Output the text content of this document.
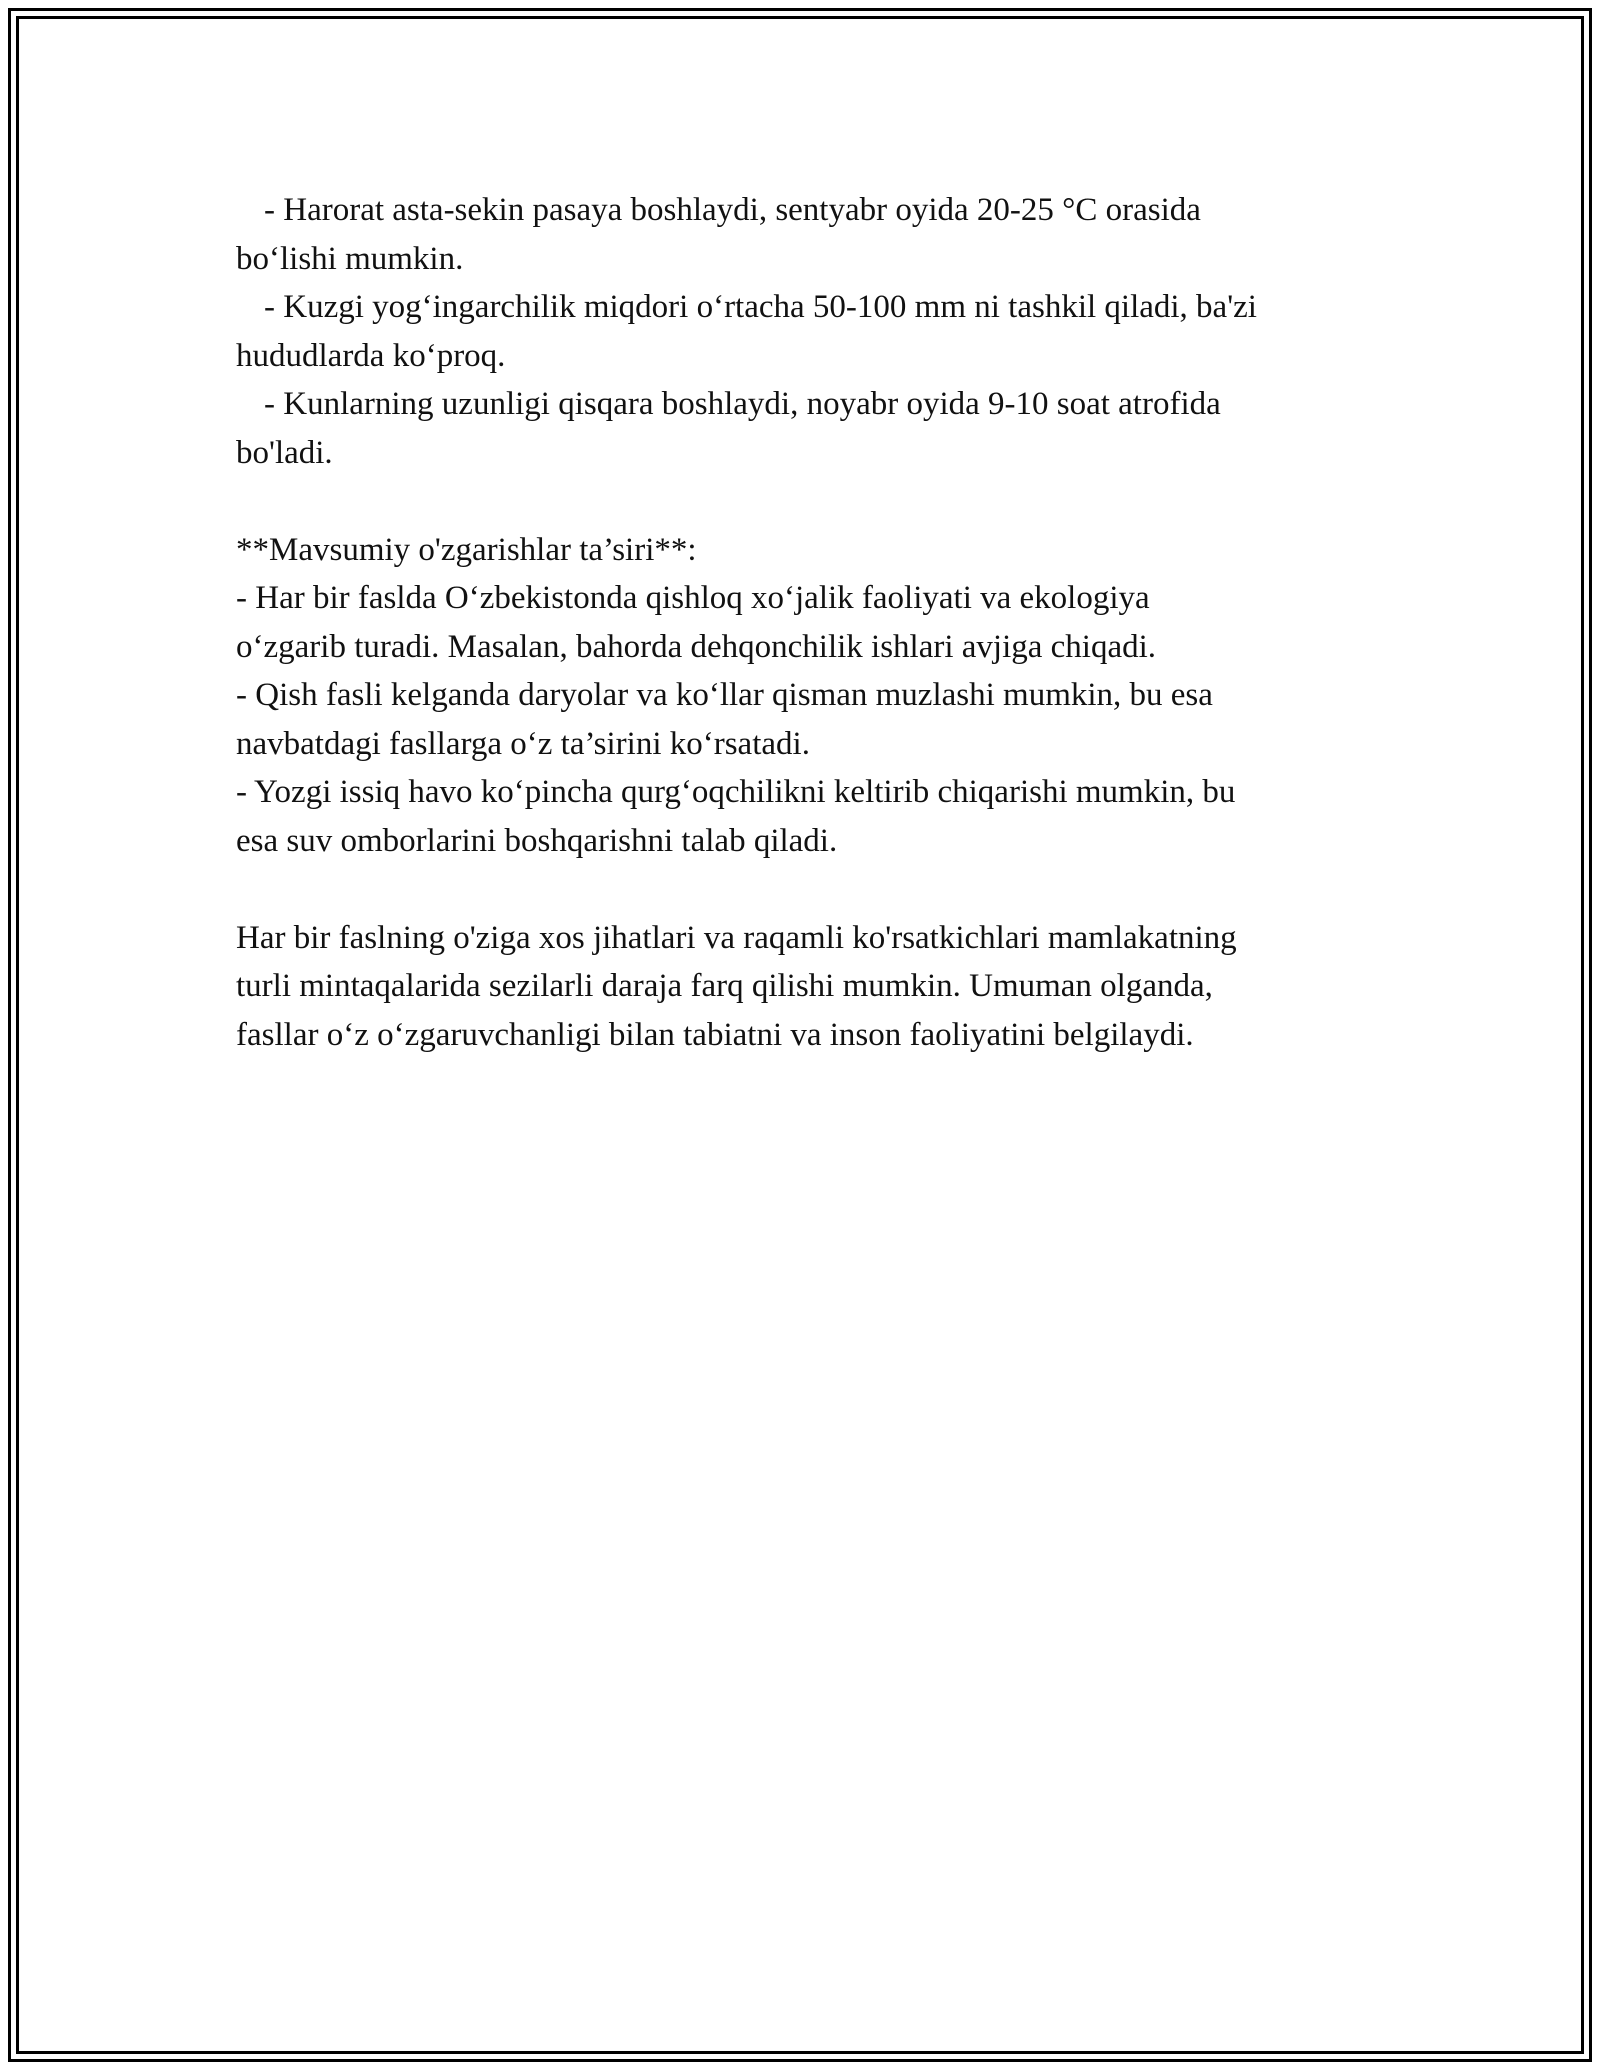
- Harorat asta-sekin pasaya boshlaydi, sentyabr oyida 20-25 °C orasida
bo‘lishi mumkin.
- Kuzgi yog‘ingarchilik miqdori o‘rtacha 50-100 mm ni tashkil qiladi, ba'zi
hududlarda ko‘proq.
- Kunlarning uzunligi qisqara boshlaydi, noyabr oyida 9-10 soat atrofida
bo'ladi.
**Mavsumiy o'zgarishlar ta’siri**:
- Har bir faslda O‘zbekistonda qishloq xo‘jalik faoliyati va ekologiya
o‘zgarib turadi. Masalan, bahorda dehqonchilik ishlari avjiga chiqadi.
- Qish fasli kelganda daryolar va ko‘llar qisman muzlashi mumkin, bu esa
navbatdagi fasllarga o‘z ta’sirini ko‘rsatadi.
- Yozgi issiq havo ko‘pincha qurg‘oqchilikni keltirib chiqarishi mumkin, bu
esa suv omborlarini boshqarishni talab qiladi.
Har bir faslning o'ziga xos jihatlari va raqamli ko'rsatkichlari mamlakatning
turli mintaqalarida sezilarli daraja farq qilishi mumkin. Umuman olganda,
fasllar o‘z o‘zgaruvchanligi bilan tabiatni va inson faoliyatini belgilaydi.
